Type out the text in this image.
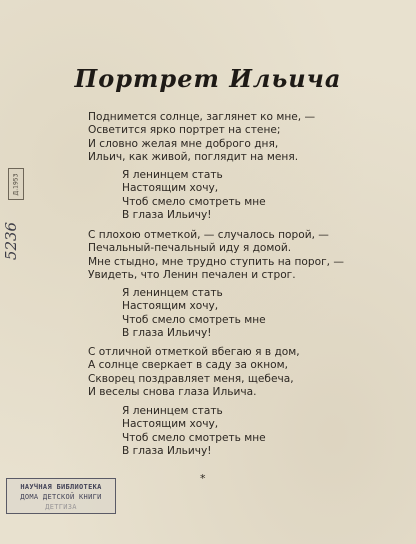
Портрет Ильича
Поднимется солнце, заглянет ко мне, —
Осветится ярко портрет на стене;
И словно желая мне доброго дня,
Ильич, как живой, поглядит на меня.
Я ленинцем стать
Настоящим хочу,
Чтоб смело смотреть мне
В глаза Ильичу!
С плохою отметкой, — случалось порой, —
Печальный-печальный иду я домой.
Мне стыдно, мне трудно ступить на порог, —
Увидеть, что Ленин печален и строг.
Я ленинцем стать
Настоящим хочу,
Чтоб смело смотреть мне
В глаза Ильичу!
С отличной отметкой вбегаю я в дом,
А солнце сверкает в саду за окном,
Скворец поздравляет меня, щебеча,
И веселы снова глаза Ильича.
Я ленинцем стать
Настоящим хочу,
Чтоб смело смотреть мне
В глаза Ильичу!
*
Д.1953
5236
НАУЧНАЯ БИБЛИОТЕКА
ДОМА ДЕТСКОЙ КНИГИ
ДЕТГИЗА
